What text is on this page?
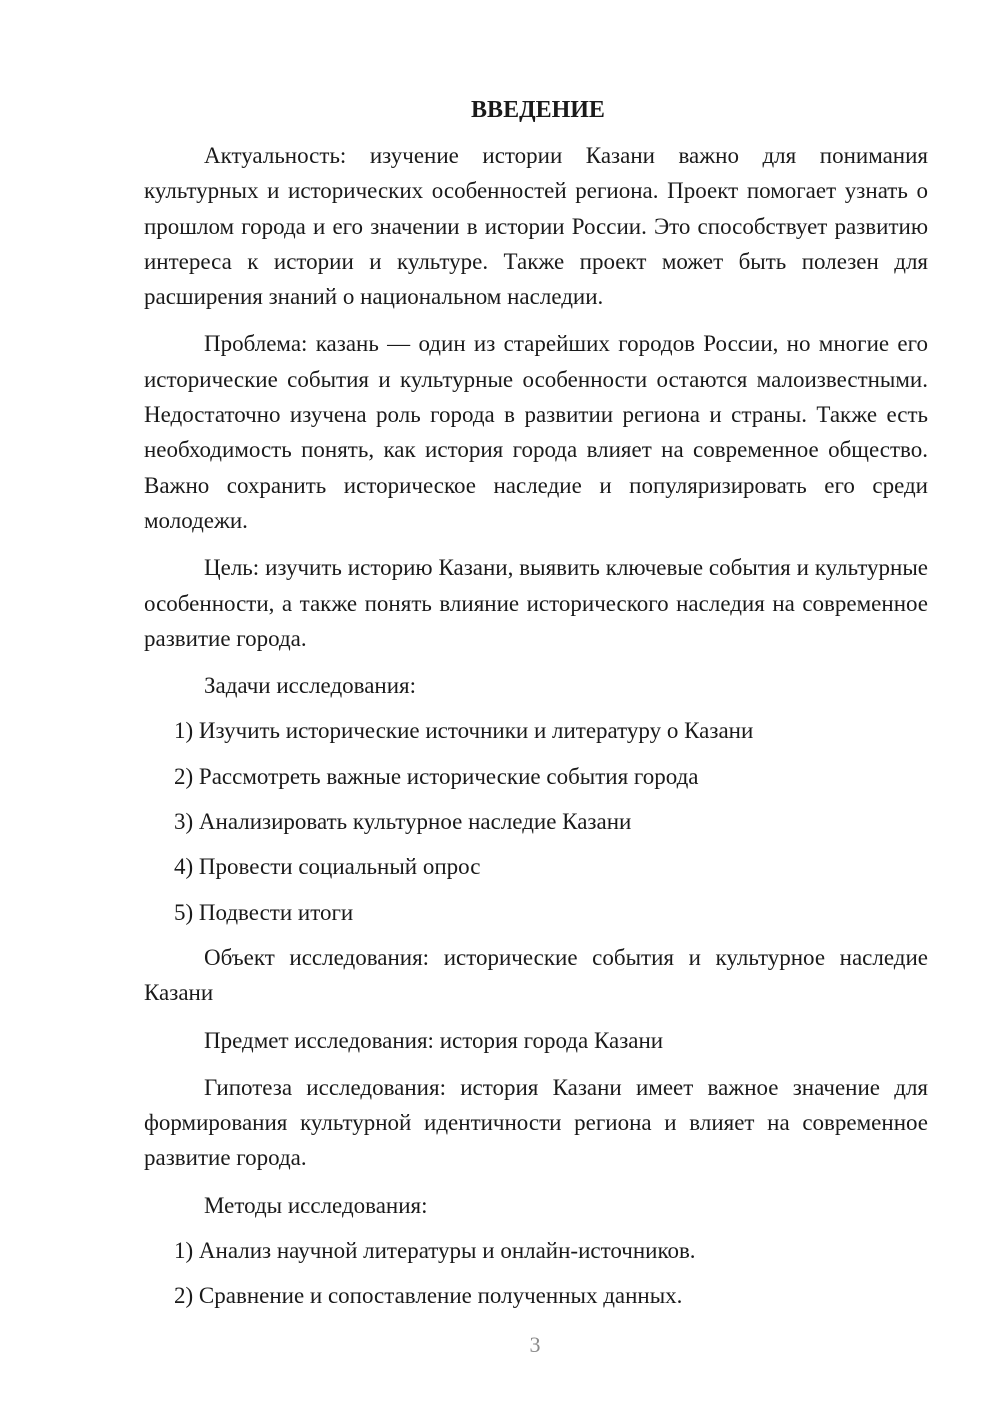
ВВЕДЕНИЕ

Актуальность: изучение истории Казани важно для понимания культурных и исторических особенностей региона. Проект помогает узнать о прошлом города и его значении в истории России. Это способствует развитию интереса к истории и культуре. Также проект может быть полезен для расширения знаний о национальном наследии.

Проблема: казань — один из старейших городов России, но многие его исторические события и культурные особенности остаются малоизвестными. Недостаточно изучена роль города в развитии региона и страны. Также есть необходимость понять, как история города влияет на современное общество. Важно сохранить историческое наследие и популяризировать его среди молодежи.

Цель: изучить историю Казани, выявить ключевые события и культурные особенности, а также понять влияние исторического наследия на современное развитие города.

Задачи исследования:
1) Изучить исторические источники и литературу о Казани
2) Рассмотреть важные исторические события города
3) Анализировать культурное наследие Казани
4) Провести социальный опрос
5) Подвести итоги

Объект исследования: исторические события и культурное наследие Казани

Предмет исследования: история города Казани

Гипотеза исследования: история Казани имеет важное значение для формирования культурной идентичности региона и влияет на современное развитие города.

Методы исследования:
1) Анализ научной литературы и онлайн-источников.
2) Сравнение и сопоставление полученных данных.
3
